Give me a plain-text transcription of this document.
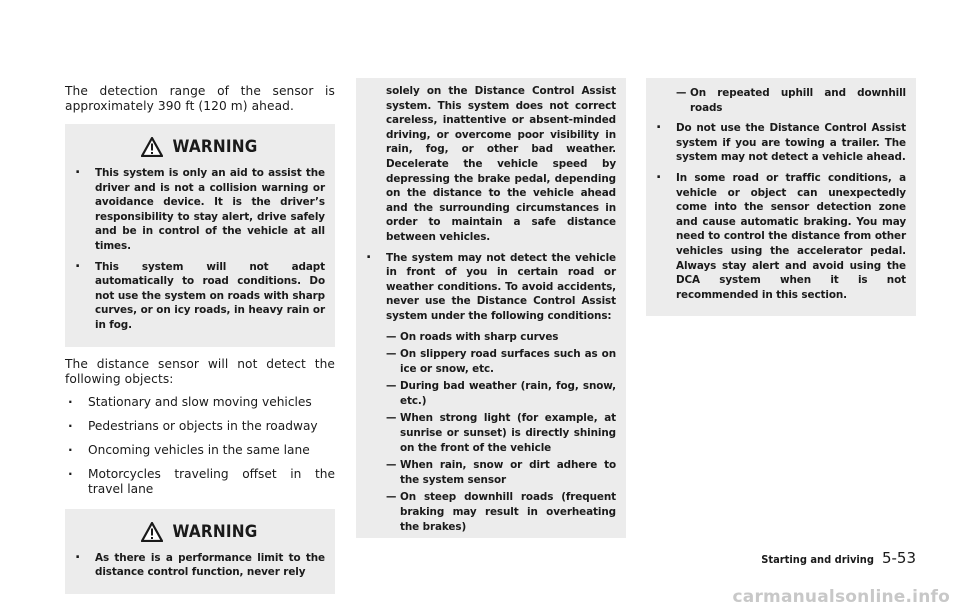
The detection range of the sensor is approximately 390 ft (120 m) ahead.

WARNING
. This system is only an aid to assist the driver and is not a collision warning or avoidance device. It is the driver’s responsibility to stay alert, drive safely and be in control of the vehicle at all times.
. This system will not adapt automatically to road conditions. Do not use the system on roads with sharp curves, or on icy roads, in heavy rain or in fog.

The distance sensor will not detect the following objects:

. Stationary and slow moving vehicles
. Pedestrians or objects in the roadway
. Oncoming vehicles in the same lane
. Motorcycles traveling offset in the travel lane
WARNING
. As there is a performance limit to the distance control function, never rely

solely on the Distance Control Assist system. This system does not correct careless, inattentive or absent-minded driving, or overcome poor visibility in rain, fog, or other bad weather. Decelerate the vehicle speed by depressing the brake pedal, depending on the distance to the vehicle ahead and the surrounding circumstances in order to maintain a safe distance between vehicles.

. The system may not detect the vehicle in front of you in certain road or weather conditions. To avoid accidents, never use the Distance Control Assist system under the following conditions:
— On roads with sharp curves
— On slippery road surfaces such as on ice or snow, etc.
— During bad weather (rain, fog, snow, etc.)
— When strong light (for example, at sunrise or sunset) is directly shining on the front of the vehicle
— When rain, snow or dirt adhere to the system sensor
— On steep downhill roads (frequent braking may result in overheating the brakes)
— On repeated uphill and downhill roads
. Do not use the Distance Control Assist system if you are towing a trailer. The system may not detect a vehicle ahead.
. In some road or traffic conditions, a vehicle or object can unexpectedly come into the sensor detection zone and cause automatic braking. You may need to control the distance from other vehicles using the accelerator pedal. Always stay alert and avoid using the DCA system when it is not recommended in this section.
Starting and driving 5-53
carmanualsonline.info
